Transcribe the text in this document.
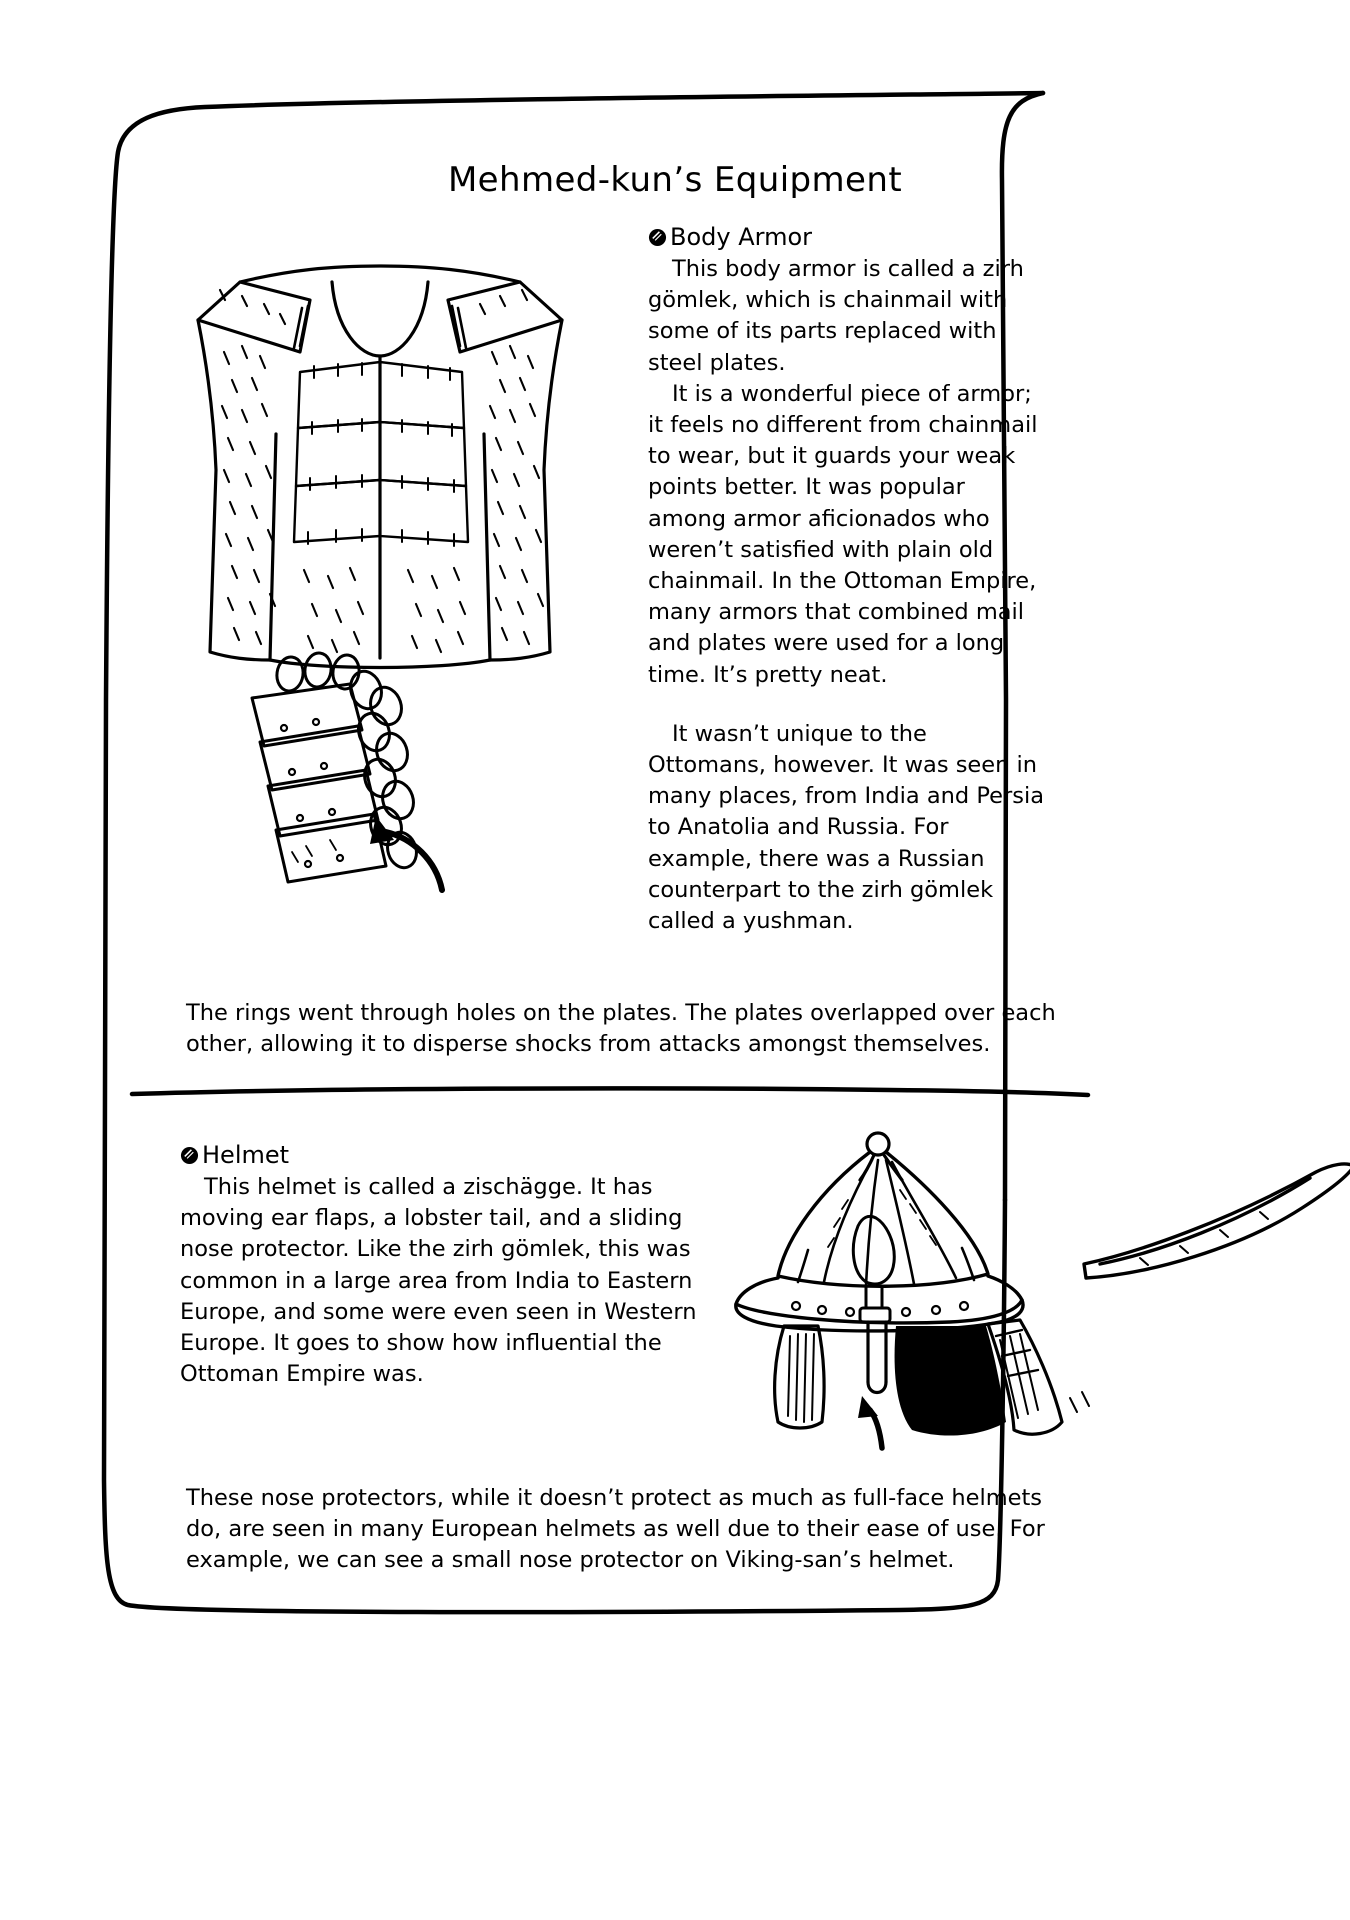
Mehmed-kun’s Equipment
Body Armor

This body armor is called a zirh gömlek, which is chainmail with some of its parts replaced with steel plates.

It is a wonderful piece of armor; it feels no different from chainmail to wear, but it guards your weak points better. It was popular among armor aficionados who weren’t satisfied with plain old chainmail. In the Ottoman Empire, many armors that combined mail and plates were used for a long time. It’s pretty neat.

It wasn’t unique to the Ottomans, however. It was seen in many places, from India and Persia to Anatolia and Russia. For example, there was a Russian counterpart to the zirh gömlek called a yushman.

The rings went through holes on the plates. The plates overlapped over each other, allowing it to disperse shocks from attacks amongst themselves.

Helmet

This helmet is called a zischägge. It has moving ear flaps, a lobster tail, and a sliding nose protector. Like the zirh gömlek, this was common in a large area from India to Eastern Europe, and some were even seen in Western Europe. It goes to show how influential the Ottoman Empire was.

These nose protectors, while it doesn’t protect as much as full-face helmets do, are seen in many European helmets as well due to their ease of use. For example, we can see a small nose protector on Viking-san’s helmet.
